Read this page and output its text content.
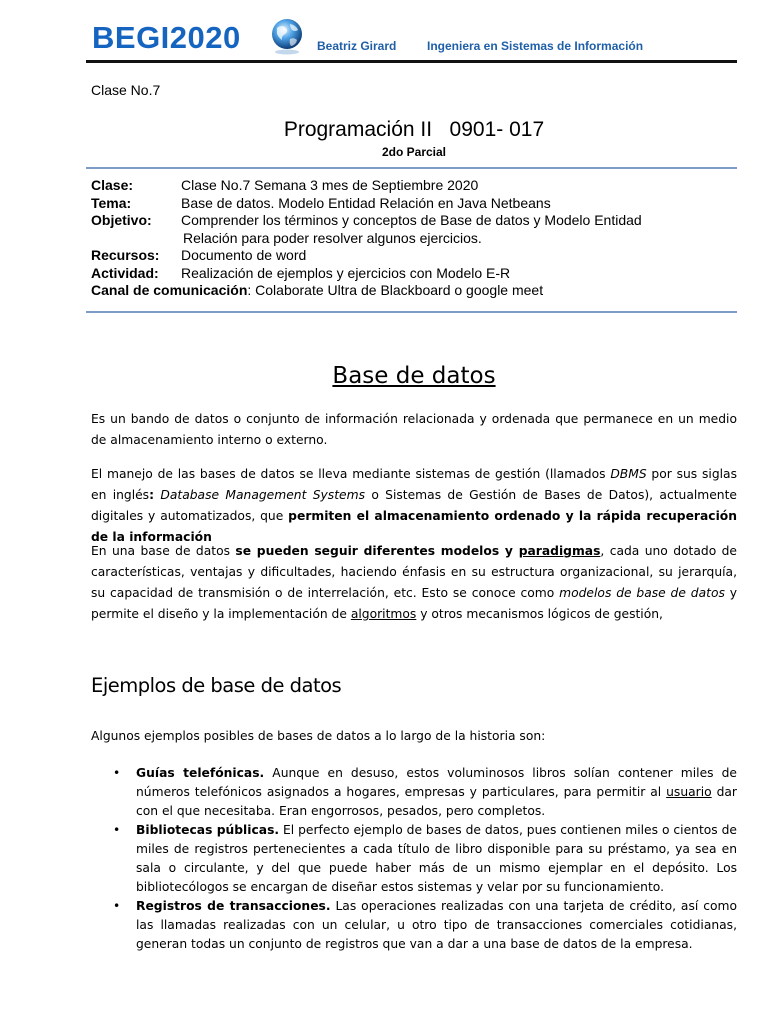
BEGI2020	Beatriz Girard	Ingeniera en Sistemas de Información
Clase No.7
Programación II   0901- 017
2do Parcial
Clase:	Clase No.7 Semana 3 mes de Septiembre 2020
Tema:	Base de datos. Modelo Entidad Relación en Java Netbeans
Objetivo: Comprender los términos y conceptos de Base de datos y Modelo Entidad
Relación para poder resolver algunos ejercicios.
Recursos: Documento de word
Actividad: Realización de ejemplos y ejercicios con Modelo E-R
Canal de comunicación: Colaborate Ultra de Blackboard o google meet
Base de datos
Es un bando de datos o conjunto de información relacionada y ordenada que permanece en un medio de almacenamiento interno o externo.
El manejo de las bases de datos se lleva mediante sistemas de gestión (llamados DBMS por sus siglas en inglés: Database Management Systems o Sistemas de Gestión de Bases de Datos), actualmente digitales y automatizados, que permiten el almacenamiento ordenado y la rápida recuperación de la información
En una base de datos se pueden seguir diferentes modelos y paradigmas, cada uno dotado de características, ventajas y dificultades, haciendo énfasis en su estructura organizacional, su jerarquía, su capacidad de transmisión o de interrelación, etc. Esto se conoce como modelos de base de datos y permite el diseño y la implementación de algoritmos y otros mecanismos lógicos de gestión,
Ejemplos de base de datos
Algunos ejemplos posibles de bases de datos a lo largo de la historia son:
• Guías telefónicas. Aunque en desuso, estos voluminosos libros solían contener miles de números telefónicos asignados a hogares, empresas y particulares, para permitir al usuario dar con el que necesitaba. Eran engorrosos, pesados, pero completos.
• Bibliotecas públicas. El perfecto ejemplo de bases de datos, pues contienen miles o cientos de miles de registros pertenecientes a cada título de libro disponible para su préstamo, ya sea en sala o circulante, y del que puede haber más de un mismo ejemplar en el depósito. Los bibliotecólogos se encargan de diseñar estos sistemas y velar por su funcionamiento.
• Registros de transacciones. Las operaciones realizadas con una tarjeta de crédito, así como las llamadas realizadas con un celular, u otro tipo de transacciones comerciales cotidianas, generan todas un conjunto de registros que van a dar a una base de datos de la empresa.
